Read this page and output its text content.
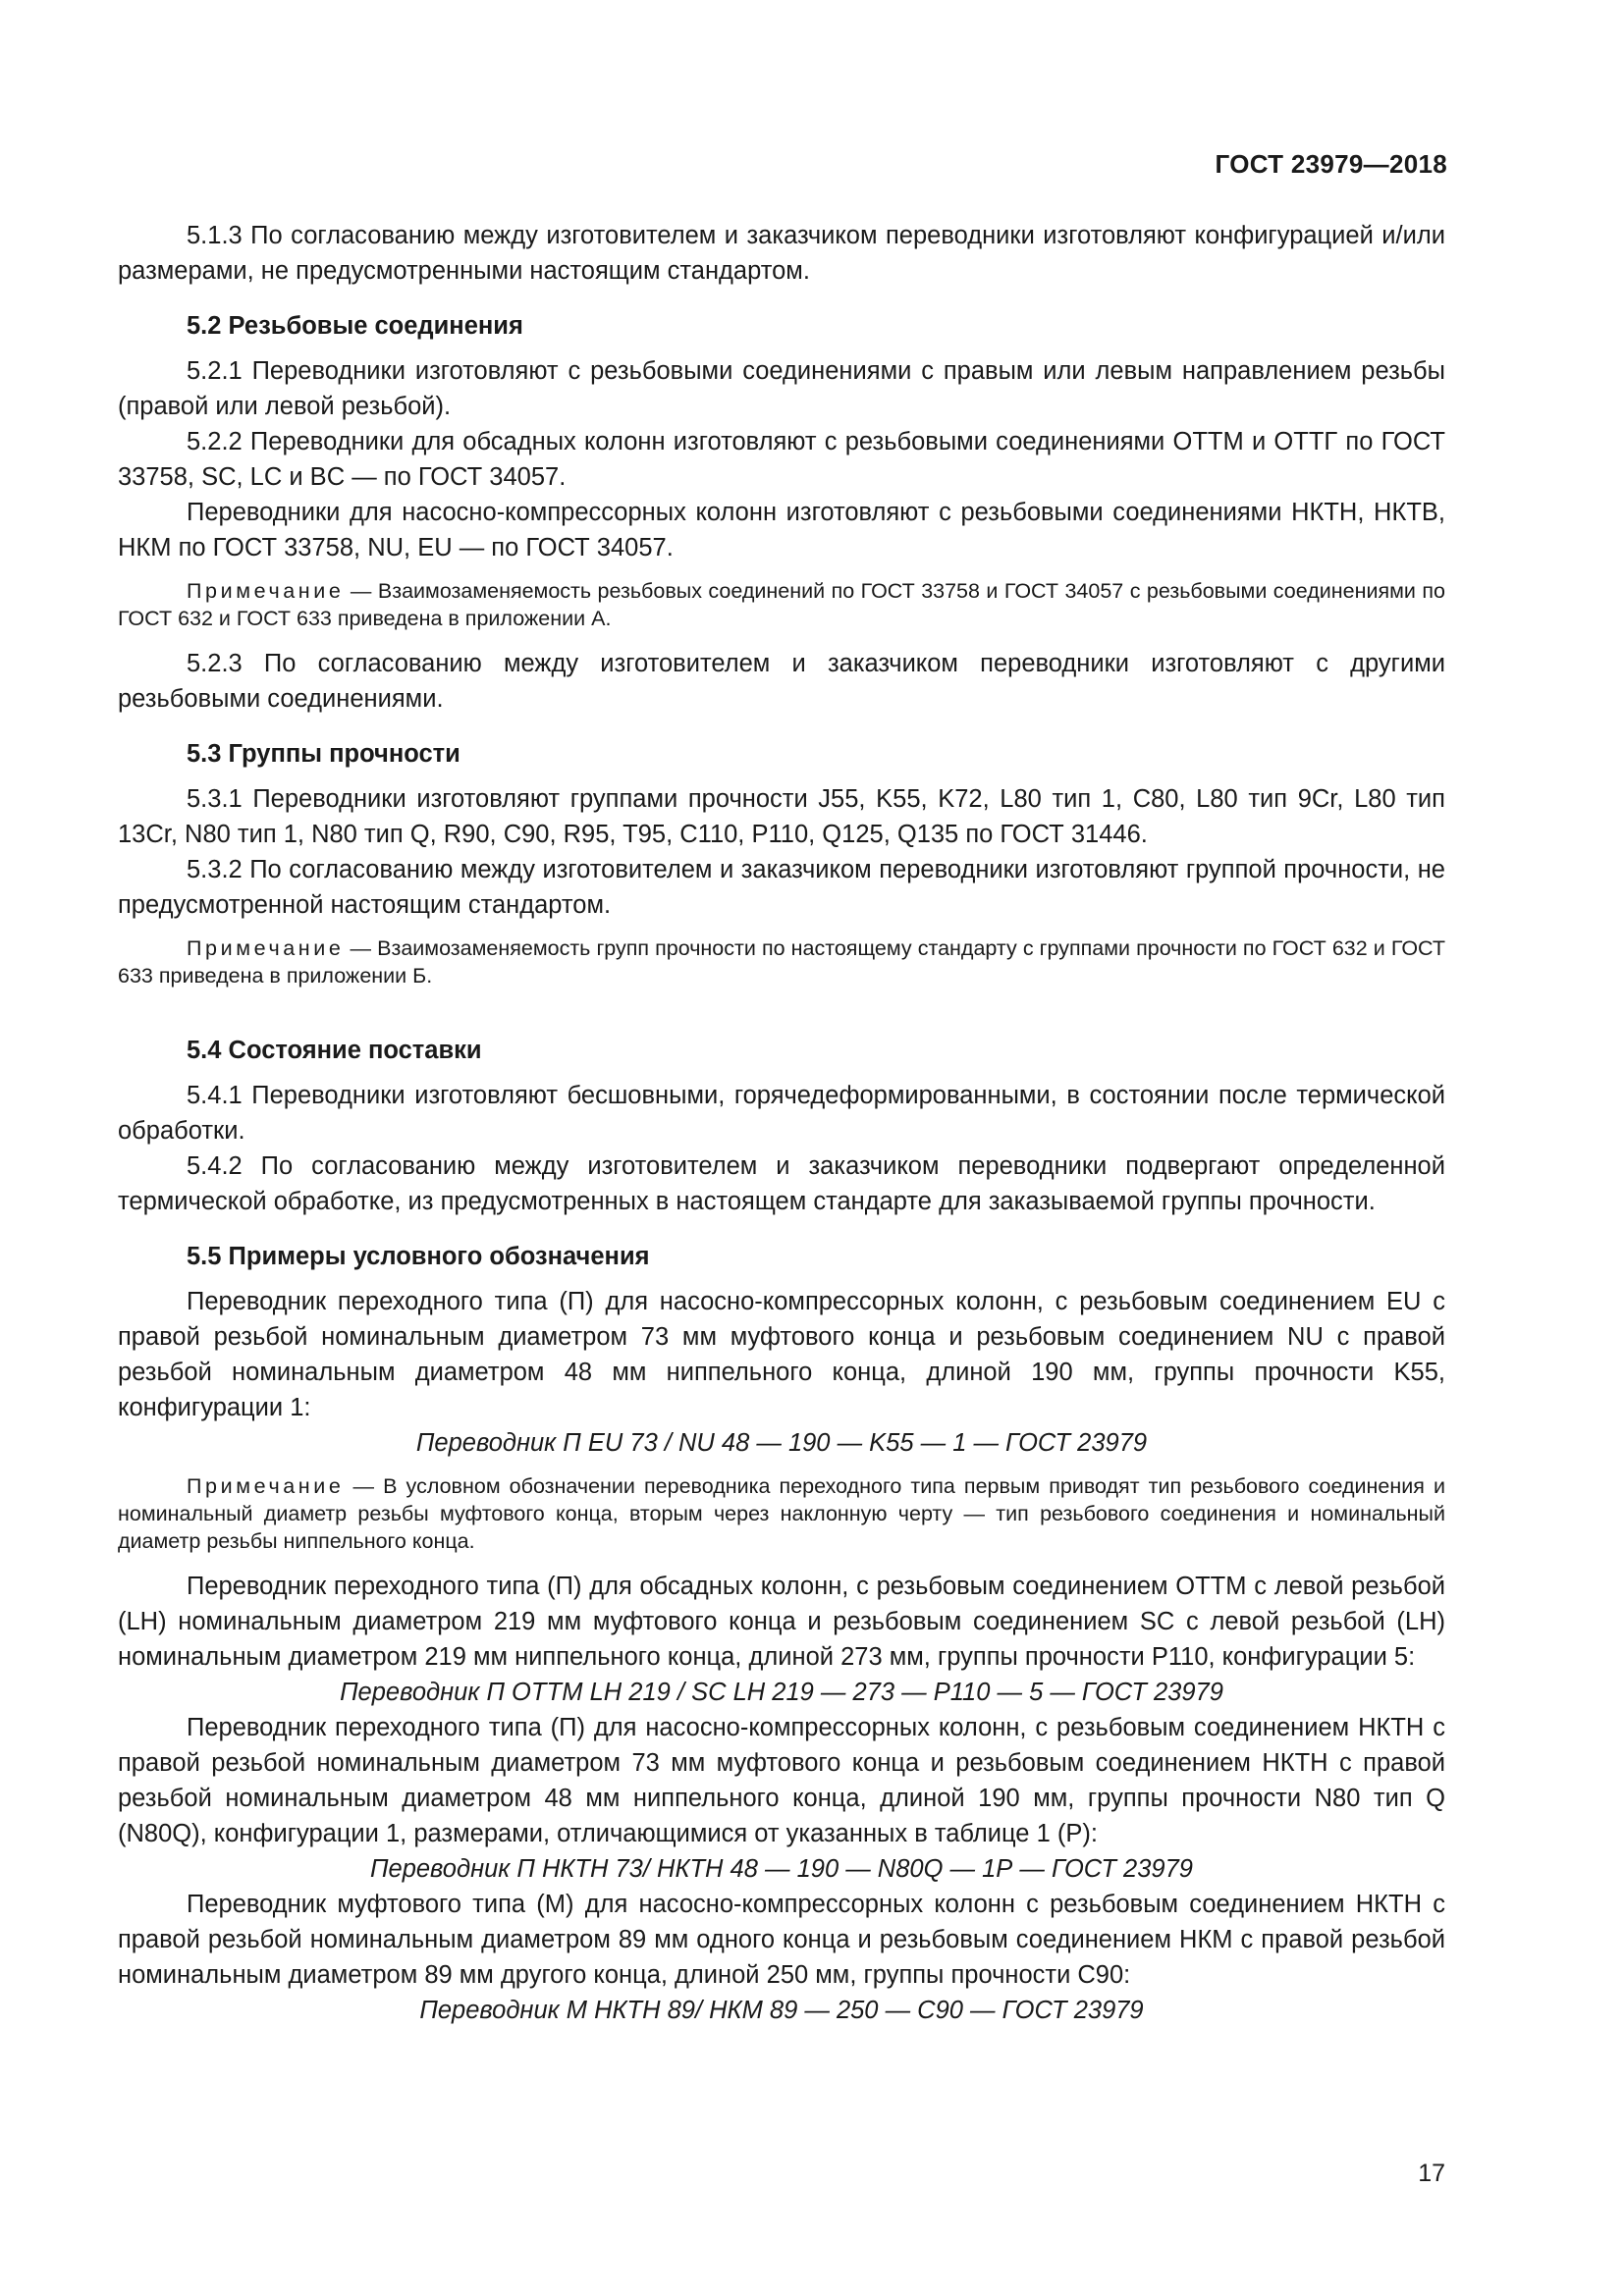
ГОСТ 23979—2018

5.1.3 По согласованию между изготовителем и заказчиком переводники изготовляют конфигурацией и/или размерами, не предусмотренными настоящим стандартом.

5.2 Резьбовые соединения

5.2.1 Переводники изготовляют с резьбовыми соединениями с правым или левым направлением резьбы (правой или левой резьбой).

5.2.2 Переводники для обсадных колонн изготовляют с резьбовыми соединениями ОТТМ и ОТТГ по ГОСТ 33758, SC, LC и BC — по ГОСТ 34057.

Переводники для насосно-компрессорных колонн изготовляют с резьбовыми соединениями НКТН, НКТВ, НКМ по ГОСТ 33758, NU, EU — по ГОСТ 34057.

Примечание — Взаимозаменяемость резьбовых соединений по ГОСТ 33758 и ГОСТ 34057 с резьбовыми соединениями по ГОСТ 632 и ГОСТ 633 приведена в приложении А.

5.2.3 По согласованию между изготовителем и заказчиком переводники изготовляют с другими резьбовыми соединениями.

5.3 Группы прочности

5.3.1 Переводники изготовляют группами прочности J55, K55, K72, L80 тип 1, C80, L80 тип 9Cr, L80 тип 13Cr, N80 тип 1, N80 тип Q, R90, C90, R95, T95, C110, P110, Q125, Q135 по ГОСТ 31446.

5.3.2 По согласованию между изготовителем и заказчиком переводники изготовляют группой прочности, не предусмотренной настоящим стандартом.

Примечание — Взаимозаменяемость групп прочности по настоящему стандарту с группами прочности по ГОСТ 632 и ГОСТ 633 приведена в приложении Б.

5.4 Состояние поставки

5.4.1 Переводники изготовляют бесшовными, горячедеформированными, в состоянии после термической обработки.

5.4.2 По согласованию между изготовителем и заказчиком переводники подвергают определенной термической обработке, из предусмотренных в настоящем стандарте для заказываемой группы прочности.

5.5 Примеры условного обозначения

Переводник переходного типа (П) для насосно-компрессорных колонн, с резьбовым соединением EU с правой резьбой номинальным диаметром 73 мм муфтового конца и резьбовым соединением NU с правой резьбой номинальным диаметром 48 мм ниппельного конца, длиной 190 мм, группы прочности K55, конфигурации 1:

Переводник П EU 73 / NU 48 — 190 — K55 — 1 — ГОСТ 23979

Примечание — В условном обозначении переводника переходного типа первым приводят тип резьбового соединения и номинальный диаметр резьбы муфтового конца, вторым через наклонную черту — тип резьбового соединения и номинальный диаметр резьбы ниппельного конца.

Переводник переходного типа (П) для обсадных колонн, с резьбовым соединением ОТТМ с левой резьбой (LH) номинальным диаметром 219 мм муфтового конца и резьбовым соединением SC с левой резьбой (LH) номинальным диаметром 219 мм ниппельного конца, длиной 273 мм, группы прочности P110, конфигурации 5:

Переводник П ОТТМ LH 219 / SC LH 219 — 273 — P110 — 5 — ГОСТ 23979

Переводник переходного типа (П) для насосно-компрессорных колонн, с резьбовым соединением НКТН с правой резьбой номинальным диаметром 73 мм муфтового конца и резьбовым соединением НКТН с правой резьбой номинальным диаметром 48 мм ниппельного конца, длиной 190 мм, группы прочности N80 тип Q (N80Q), конфигурации 1, размерами, отличающимися от указанных в таблице 1 (Р):

Переводник П НКТН 73/ НКТН 48 — 190 — N80Q — 1Р — ГОСТ 23979

Переводник муфтового типа (М) для насосно-компрессорных колонн с резьбовым соединением НКТН с правой резьбой номинальным диаметром 89 мм одного конца и резьбовым соединением НКМ с правой резьбой номинальным диаметром 89 мм другого конца, длиной 250 мм, группы прочности C90:

Переводник М НКТН 89/ НКМ 89 — 250 — C90 — ГОСТ 23979

17
